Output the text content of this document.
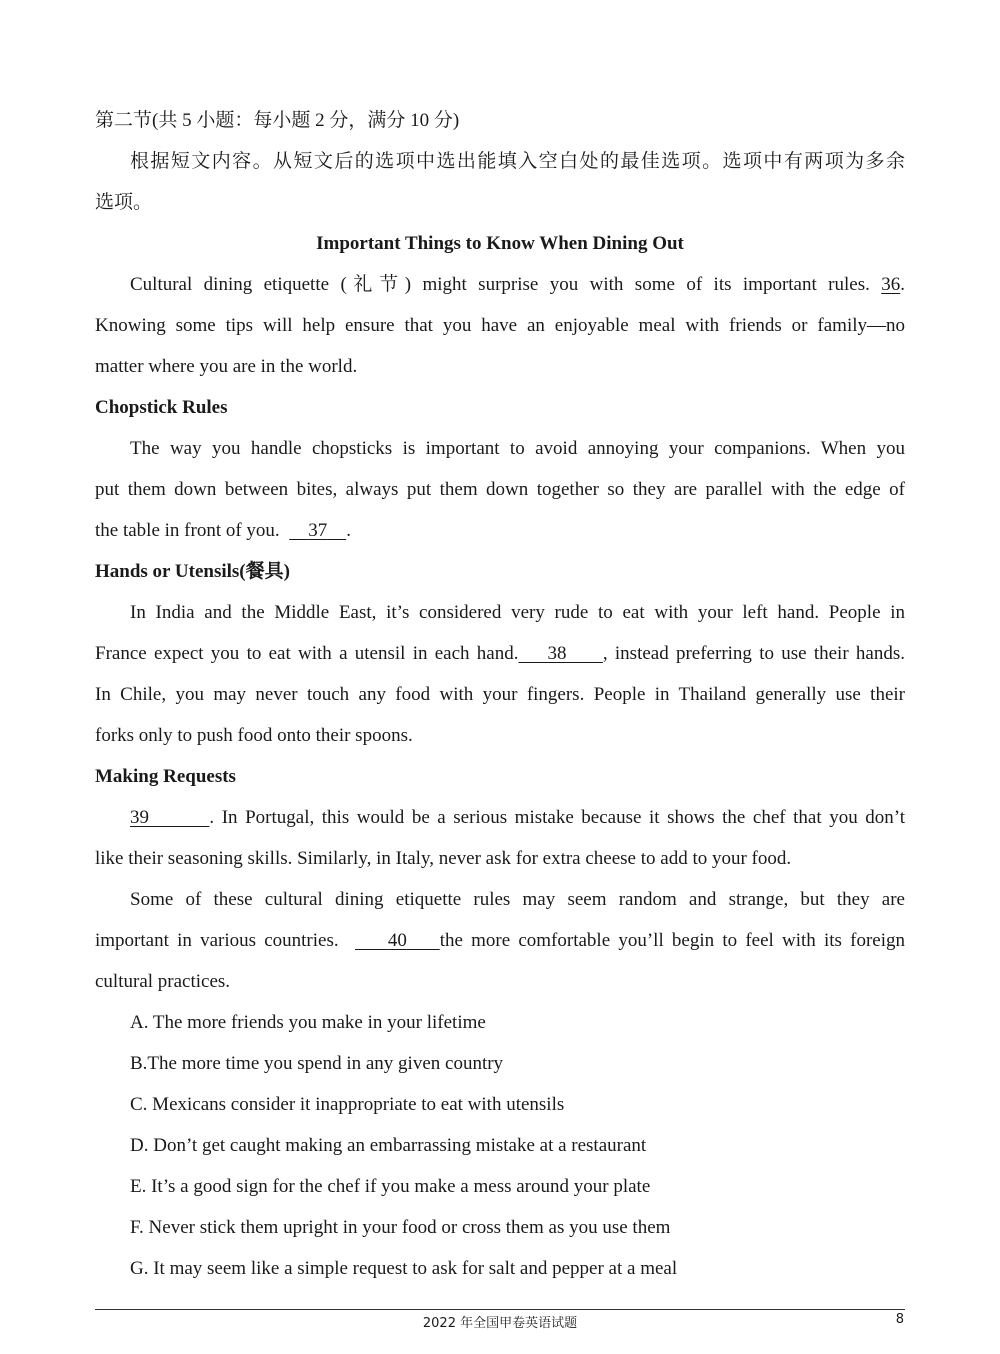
第二节(共 5 小题：每小题 2 分，满分 10 分)
根据短文内容。从短文后的选项中选出能填入空白处的最佳选项。选项中有两项为多余
选项。
Important Things to Know When Dining Out
Cultural dining etiquette (礼节) might surprise you with some of its important rules. 36.
Knowing some tips will help ensure that you have an enjoyable meal with friends or family—no
matter where you are in the world.
Chopstick Rules
The way you handle chopsticks is important to avoid annoying your companions. When you
put them down between bites, always put them down together so they are parallel with the edge of
the table in front of you. 37 .
Hands or Utensils(餐具)
In India and the Middle East, it’s considered very rude to eat with your left hand. People in
France expect you to eat with a utensil in each hand. 38 , instead preferring to use their hands.
In Chile, you may never touch any food with your fingers. People in Thailand generally use their
forks only to push food onto their spoons.
Making Requests
39	. In Portugal, this would be a serious mistake because it shows the chef that you don’t
like their seasoning skills. Similarly, in Italy, never ask for extra cheese to add to your food.
Some of these cultural dining etiquette rules may seem random and strange, but they are
important in various countries.	40 the more comfortable you’ll begin to feel with its foreign
cultural practices.
A. The more friends you make in your lifetime
B.The more time you spend in any given country
C. Mexicans consider it inappropriate to eat with utensils
D. Don’t get caught making an embarrassing mistake at a restaurant
E. It’s a good sign for the chef if you make a mess around your plate
F. Never stick them upright in your food or cross them as you use them
G. It may seem like a simple request to ask for salt and pepper at a meal
2022 年全国甲卷英语试题	8
